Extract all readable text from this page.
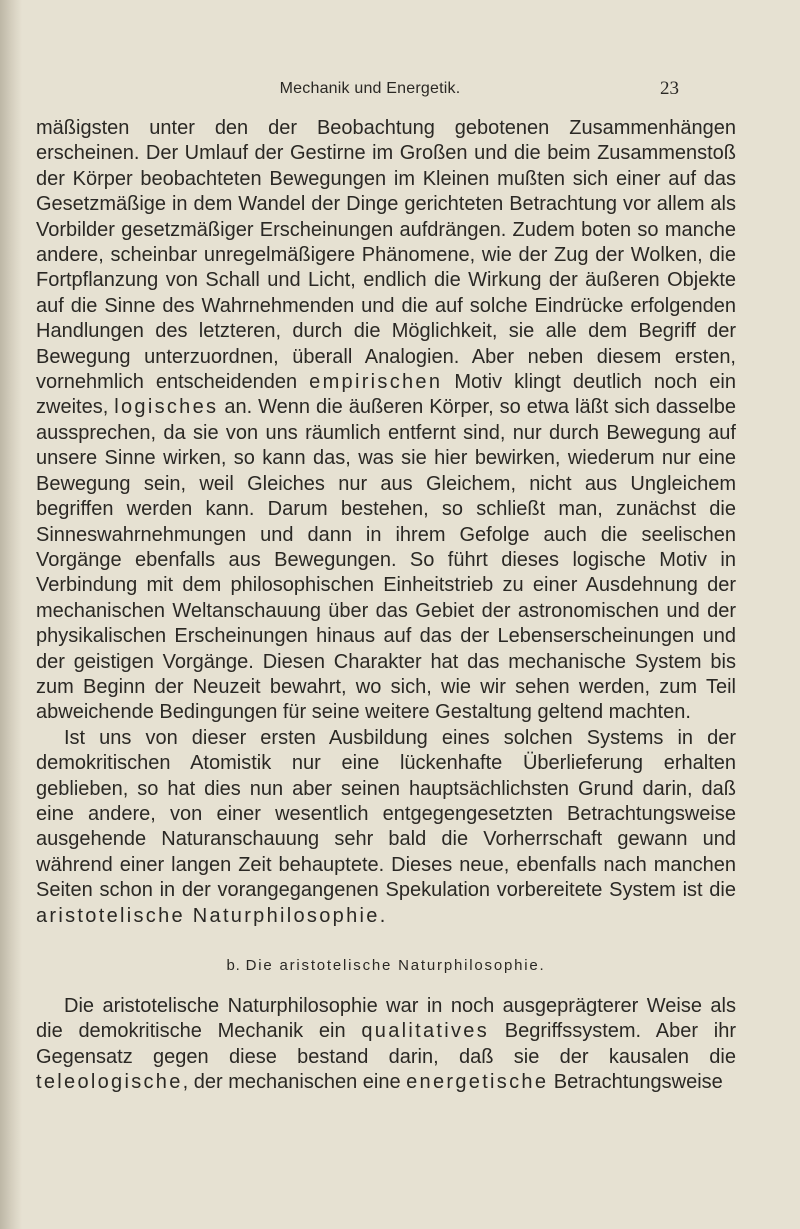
Mechanik und Energetik.	23

mäßigsten unter den der Beobachtung gebotenen Zusammenhängen erscheinen. Der Umlauf der Gestirne im Großen und die beim Zusammenstoß der Körper beobachteten Bewegungen im Kleinen mußten sich einer auf das Gesetzmäßige in dem Wandel der Dinge gerichteten Betrachtung vor allem als Vorbilder gesetzmäßiger Erscheinungen aufdrängen. Zudem boten so manche andere, scheinbar unregelmäßigere Phänomene, wie der Zug der Wolken, die Fortpflanzung von Schall und Licht, endlich die Wirkung der äußeren Objekte auf die Sinne des Wahrnehmenden und die auf solche Eindrücke erfolgenden Handlungen des letzteren, durch die Möglichkeit, sie alle dem Begriff der Bewegung unterzuordnen, überall Analogien. Aber neben diesem ersten, vornehmlich entscheidenden empirischen Motiv klingt deutlich noch ein zweites, logisches an. Wenn die äußeren Körper, so etwa läßt sich dasselbe aussprechen, da sie von uns räumlich entfernt sind, nur durch Bewegung auf unsere Sinne wirken, so kann das, was sie hier bewirken, wiederum nur eine Bewegung sein, weil Gleiches nur aus Gleichem, nicht aus Ungleichem begriffen werden kann. Darum bestehen, so schließt man, zunächst die Sinneswahrnehmungen und dann in ihrem Gefolge auch die seelischen Vorgänge ebenfalls aus Bewegungen. So führt dieses logische Motiv in Verbindung mit dem philosophischen Einheitstrieb zu einer Ausdehnung der mechanischen Weltanschauung über das Gebiet der astronomischen und der physikalischen Erscheinungen hinaus auf das der Lebenserscheinungen und der geistigen Vorgänge. Diesen Charakter hat das mechanische System bis zum Beginn der Neuzeit bewahrt, wo sich, wie wir sehen werden, zum Teil abweichende Bedingungen für seine weitere Gestaltung geltend machten.

Ist uns von dieser ersten Ausbildung eines solchen Systems in der demokritischen Atomistik nur eine lückenhafte Überlieferung erhalten geblieben, so hat dies nun aber seinen hauptsächlichsten Grund darin, daß eine andere, von einer wesentlich entgegengesetzten Betrachtungsweise ausgehende Naturanschauung sehr bald die Vorherrschaft gewann und während einer langen Zeit behauptete. Dieses neue, ebenfalls nach manchen Seiten schon in der vorangegangenen Spekulation vorbereitete System ist die aristotelische Naturphilosophie.

b. Die aristotelische Naturphilosophie.

Die aristotelische Naturphilosophie war in noch ausgeprägterer Weise als die demokritische Mechanik ein qualitatives Begriffssystem. Aber ihr Gegensatz gegen diese bestand darin, daß sie der kausalen die teleologische, der mechanischen eine energetische Betrachtungsweise
